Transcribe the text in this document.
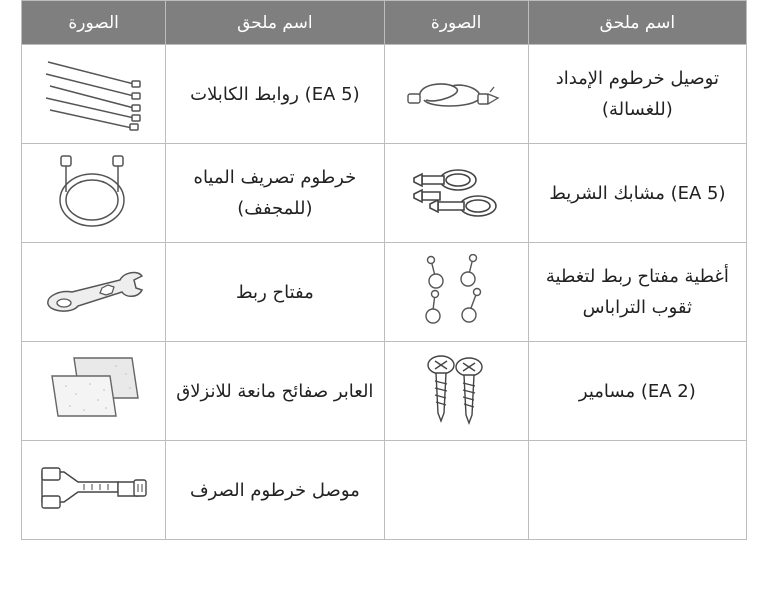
اسم ملحق	الصورة	اسم ملحق	الصورة
توصيل خرطوم الإمداد (للغسالة)		(5 EA) روابط الكابلات	

(5 EA) مشابك الشريط		خرطوم تصريف المياه (للمجفف)	

أغطية مفتاح ربط لتغطية ثقوب التراباس		مفتاح ربط	

(2 EA) مسامير		العابر صفائح مانعة للانزلاق	

		موصل خرطوم الصرف	
